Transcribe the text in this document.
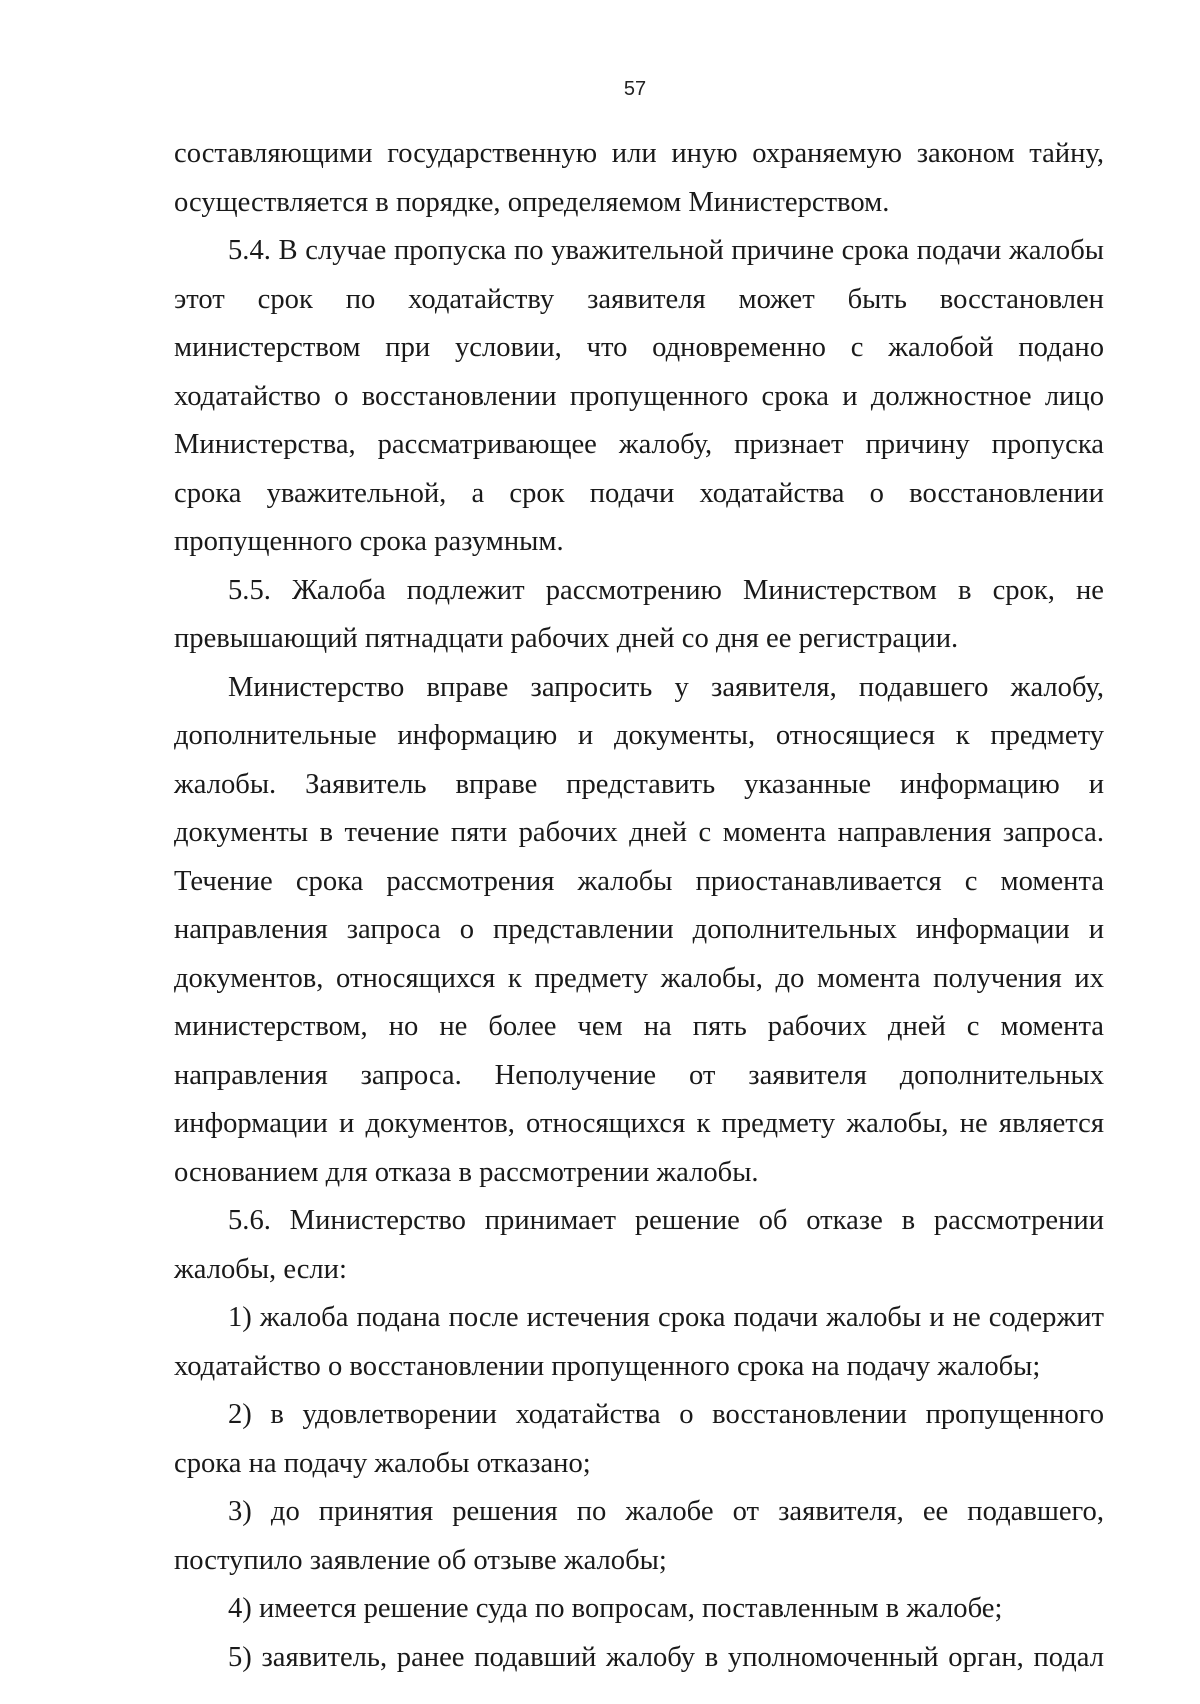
57

составляющими государственную или иную охраняемую законом тайну, осуществляется в порядке, определяемом Министерством.

5.4. В случае пропуска по уважительной причине срока подачи жалобы этот срок по ходатайству заявителя может быть восстановлен министерством при условии, что одновременно с жалобой подано ходатайство о восстановлении пропущенного срока и должностное лицо Министерства, рассматривающее жалобу, признает причину пропуска срока уважительной, а срок подачи ходатайства о восстановлении пропущенного срока разумным.

5.5. Жалоба подлежит рассмотрению Министерством в срок, не превышающий пятнадцати рабочих дней со дня ее регистрации.

Министерство вправе запросить у заявителя, подавшего жалобу, дополнительные информацию и документы, относящиеся к предмету жалобы. Заявитель вправе представить указанные информацию и документы в течение пяти рабочих дней с момента направления запроса. Течение срока рассмотрения жалобы приостанавливается с момента направления запроса о представлении дополнительных информации и документов, относящихся к предмету жалобы, до момента получения их министерством, но не более чем на пять рабочих дней с момента направления запроса. Неполучение от заявителя дополнительных информации и документов, относящихся к предмету жалобы, не является основанием для отказа в рассмотрении жалобы.

5.6. Министерство принимает решение об отказе в рассмотрении жалобы, если:

1) жалоба подана после истечения срока подачи жалобы и не содержит ходатайство о восстановлении пропущенного срока на подачу жалобы;

2) в удовлетворении ходатайства о восстановлении пропущенного срока на подачу жалобы отказано;

3) до принятия решения по жалобе от заявителя, ее подавшего, поступило заявление об отзыве жалобы;

4) имеется решение суда по вопросам, поставленным в жалобе;

5) заявитель, ранее подавший жалобу в уполномоченный орган, подал
